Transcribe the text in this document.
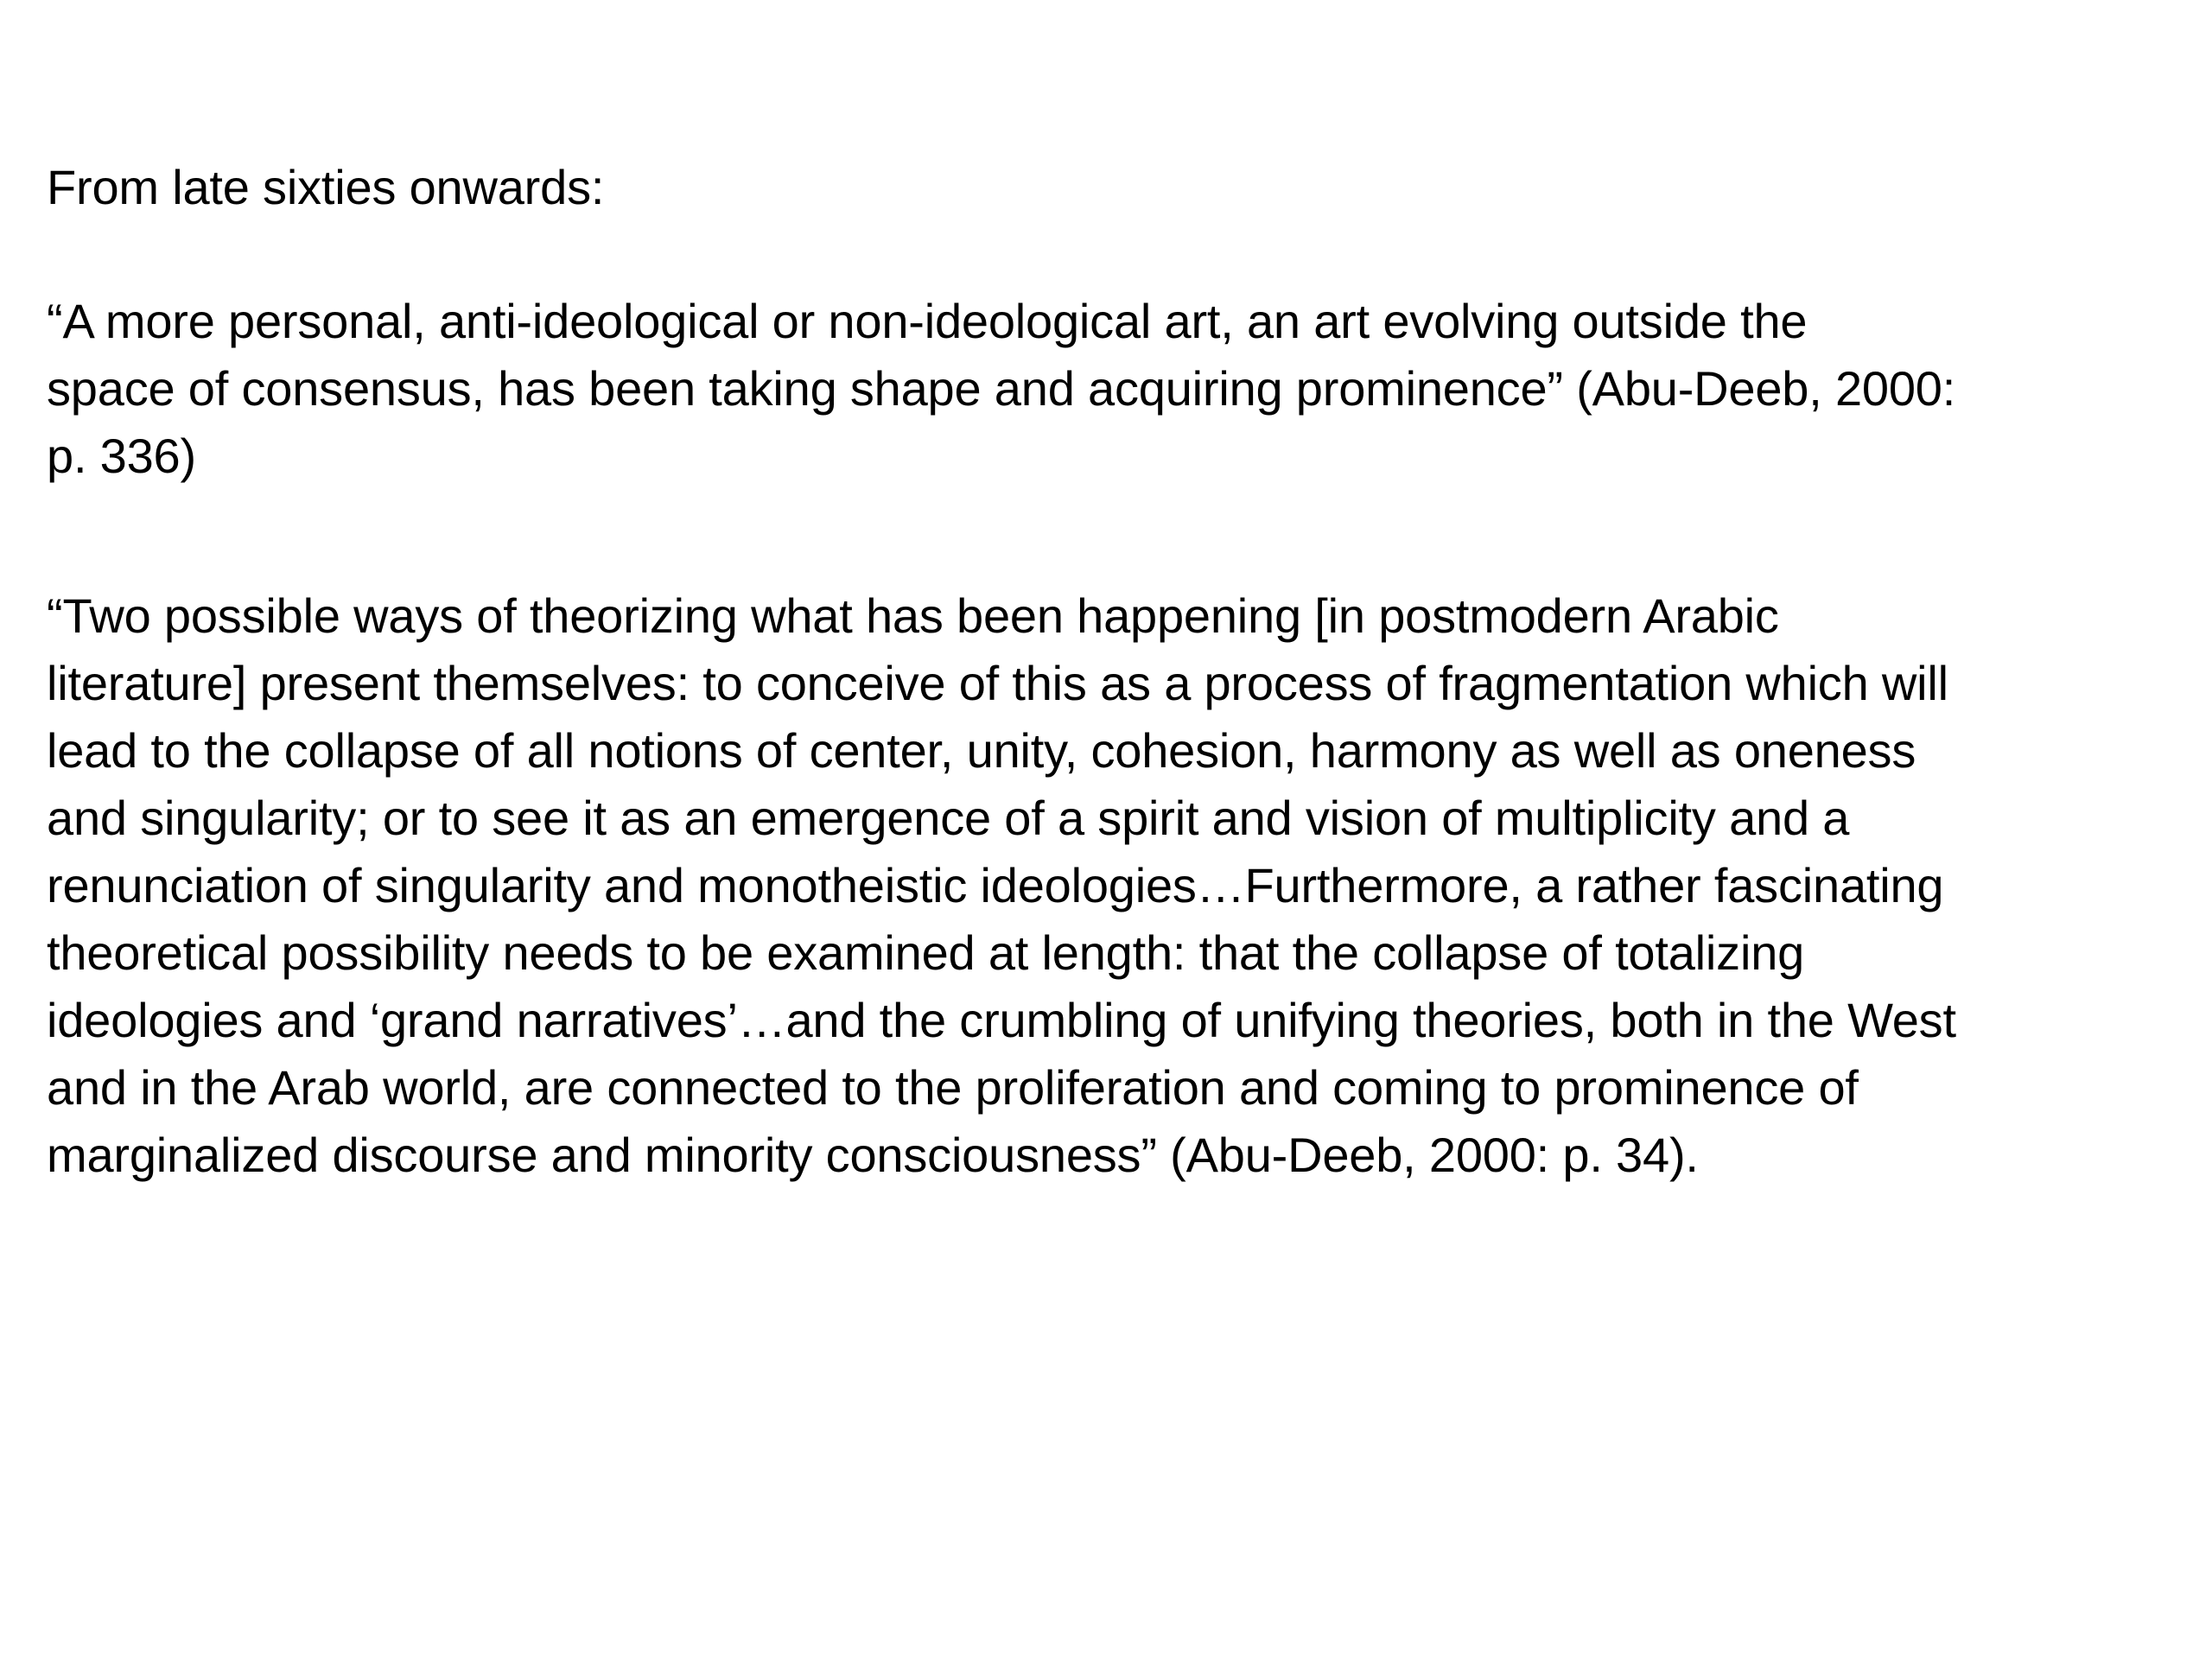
From late sixties onwards:

“A more personal, anti-ideological or non-ideological art, an art evolving outside the
space of consensus, has been taking shape and acquiring prominence” (Abu-Deeb, 2000:
p. 336)

“Two possible ways of theorizing what has been happening [in postmodern Arabic
literature] present themselves: to conceive of this as a process of fragmentation which will
lead to the collapse of all notions of center, unity, cohesion, harmony as well as oneness
and singularity; or to see it as an emergence of a spirit and vision of multiplicity and a
renunciation of singularity and monotheistic ideologies…Furthermore, a rather fascinating
theoretical possibility needs to be examined at length: that the collapse of totalizing
ideologies and ‘grand narratives’…and the crumbling of unifying theories, both in the West
and in the Arab world, are connected to the proliferation and coming to prominence of
marginalized discourse and minority consciousness” (Abu-Deeb, 2000: p. 34).
